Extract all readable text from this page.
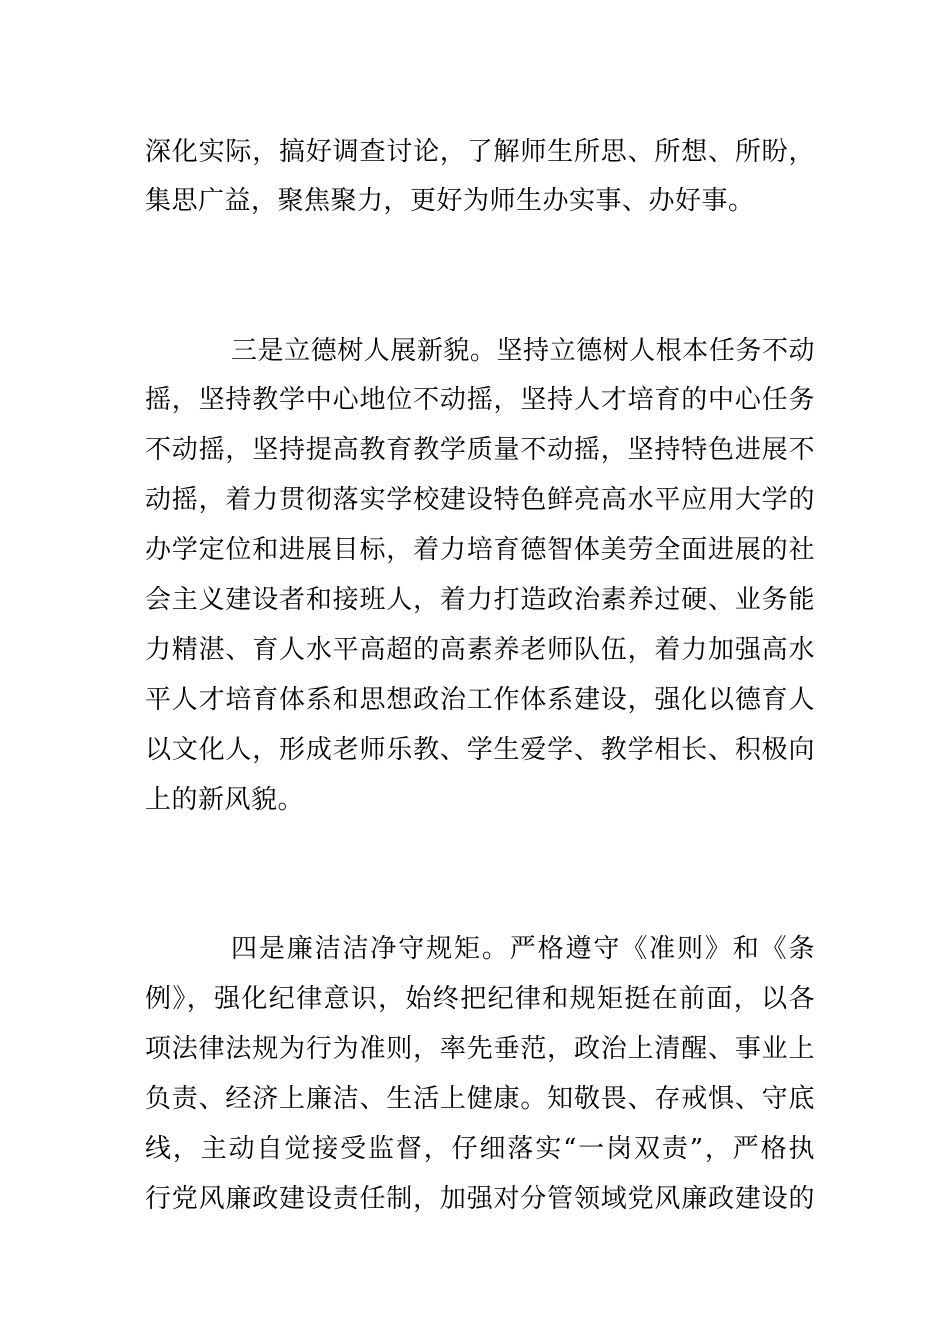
深化实际，搞好调查讨论，了解师生所思、所想、所盼，
集思广益，聚焦聚力，更好为师生办实事、办好事。
三是立德树人展新貌。坚持立德树人根本任务不动
摇，坚持教学中心地位不动摇，坚持人才培育的中心任务
不动摇，坚持提高教育教学质量不动摇，坚持特色进展不
动摇，着力贯彻落实学校建设特色鲜亮高水平应用大学的
办学定位和进展目标，着力培育德智体美劳全面进展的社
会主义建设者和接班人，着力打造政治素养过硬、业务能
力精湛、育人水平高超的高素养老师队伍，着力加强高水
平人才培育体系和思想政治工作体系建设，强化以德育人
以文化人，形成老师乐教、学生爱学、教学相长、积极向
上的新风貌。
四是廉洁洁净守规矩。严格遵守《准则》和《条
例》，强化纪律意识，始终把纪律和规矩挺在前面，以各
项法律法规为行为准则，率先垂范，政治上清醒、事业上
负责、经济上廉洁、生活上健康。知敬畏、存戒惧、守底
线，主动自觉接受监督，仔细落实“一岗双责”，严格执
行党风廉政建设责任制，加强对分管领域党风廉政建设的
